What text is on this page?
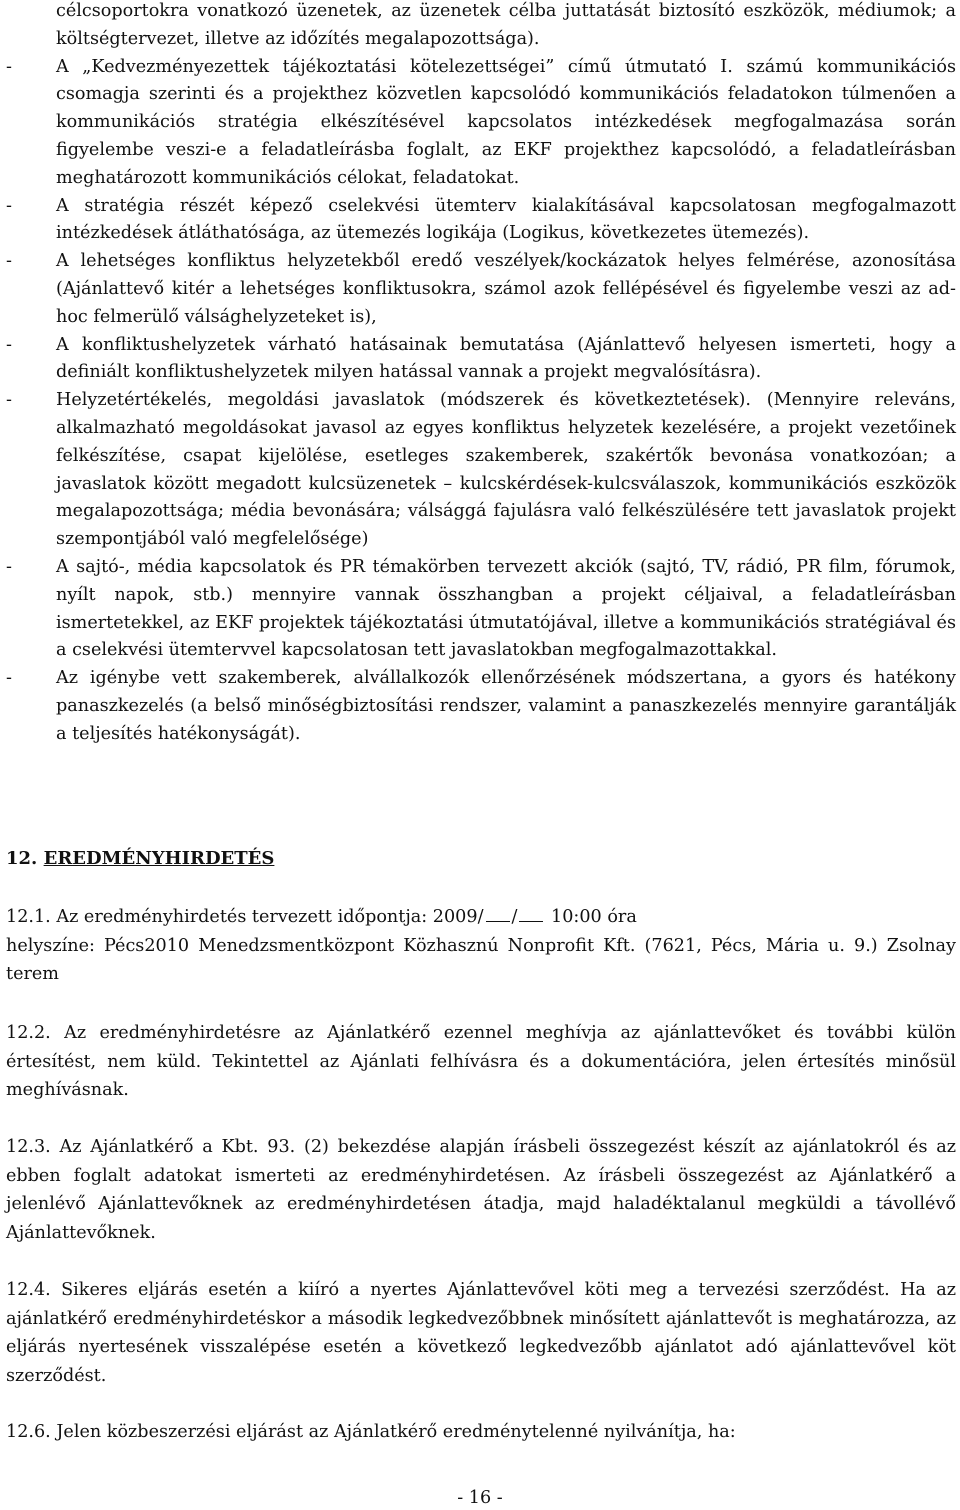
célcsoportokra vonatkozó üzenetek, az üzenetek célba juttatását biztosító eszközök, médiumok; a költségtervezet, illetve az időzítés megalapozottsága).
-	A „Kedvezményezettek tájékoztatási kötelezettségei” című útmutató I. számú kommunikációs csomagja szerinti és a projekthez közvetlen kapcsolódó kommunikációs feladatokon túlmenően a kommunikációs stratégia elkészítésével kapcsolatos intézkedések megfogalmazása során figyelembe veszi-e a feladatleírásba foglalt, az EKF projekthez kapcsolódó, a feladatleírásban meghatározott kommunikációs célokat, feladatokat.
-	A stratégia részét képező cselekvési ütemterv kialakításával kapcsolatosan megfogalmazott intézkedések átláthatósága, az ütemezés logikája (Logikus, következetes ütemezés).
-	A lehetséges konfliktus helyzetekből eredő veszélyek/kockázatok helyes felmérése, azonosítása (Ajánlattevő kitér a lehetséges konfliktusokra, számol azok fellépésével és figyelembe veszi az ad-hoc felmerülő válsághelyzeteket is),
-	A konfliktushelyzetek várható hatásainak bemutatása (Ajánlattevő helyesen ismerteti, hogy a definiált konfliktushelyzetek milyen hatással vannak a projekt megvalósításra).
-	Helyzetértékelés, megoldási javaslatok (módszerek és következtetések). (Mennyire releváns, alkalmazható megoldásokat javasol az egyes konfliktus helyzetek kezelésére, a projekt vezetőinek felkészítése, csapat kijelölése, esetleges szakemberek, szakértők bevonása vonatkozóan; a javaslatok között megadott kulcsüzenetek – kulcskérdések-kulcsválaszok, kommunikációs eszközök megalapozottsága; média bevonására; válsággá fajulásra való felkészülésére tett javaslatok projekt szempontjából való megfelelősége)
-	A sajtó-, média kapcsolatok és PR témakörben tervezett akciók (sajtó, TV, rádió, PR film, fórumok, nyílt napok, stb.) mennyire vannak összhangban a projekt céljaival, a feladatleírásban ismertetekkel, az EKF projektek tájékoztatási útmutatójával, illetve a kommunikációs stratégiával és a cselekvési ütemtervvel kapcsolatosan tett javaslatokban megfogalmazottakkal.
-	Az igénybe vett szakemberek, alvállalkozók ellenőrzésének módszertana, a gyors és hatékony panaszkezelés (a belső minőségbiztosítási rendszer, valamint a panaszkezelés mennyire garantálják a teljesítés hatékonyságát).
12. EREDMÉNYHIRDETÉS

12.1. Az eredményhirdetés tervezett időpontja: 2009/ / 10:00 óra
helyszíne: Pécs2010 Menedzsmentközpont Közhasznú Nonprofit Kft. (7621, Pécs, Mária u. 9.) Zsolnay terem

12.2. Az eredményhirdetésre az Ajánlatkérő ezennel meghívja az ajánlattevőket és további külön értesítést, nem küld. Tekintettel az Ajánlati felhívásra és a dokumentációra, jelen értesítés minősül meghívásnak.

12.3. Az Ajánlatkérő a Kbt. 93. (2) bekezdése alapján írásbeli összegezést készít az ajánlatokról és az ebben foglalt adatokat ismerteti az eredményhirdetésen. Az írásbeli összegezést az Ajánlatkérő a jelenlévő Ajánlattevőknek az eredményhirdetésen átadja, majd haladéktalanul megküldi a távollévő Ajánlattevőknek.

12.4. Sikeres eljárás esetén a kiíró a nyertes Ajánlattevővel köti meg a tervezési szerződést. Ha az ajánlatkérő eredményhirdetéskor a második legkedvezőbbnek minősített ajánlattevőt is meghatározza, az eljárás nyertesének visszalépése esetén a következő legkedvezőbb ajánlatot adó ajánlattevővel köt szerződést.

12.6. Jelen közbeszerzési eljárást az Ajánlatkérő eredménytelenné nyilvánítja, ha:

- 16 -
